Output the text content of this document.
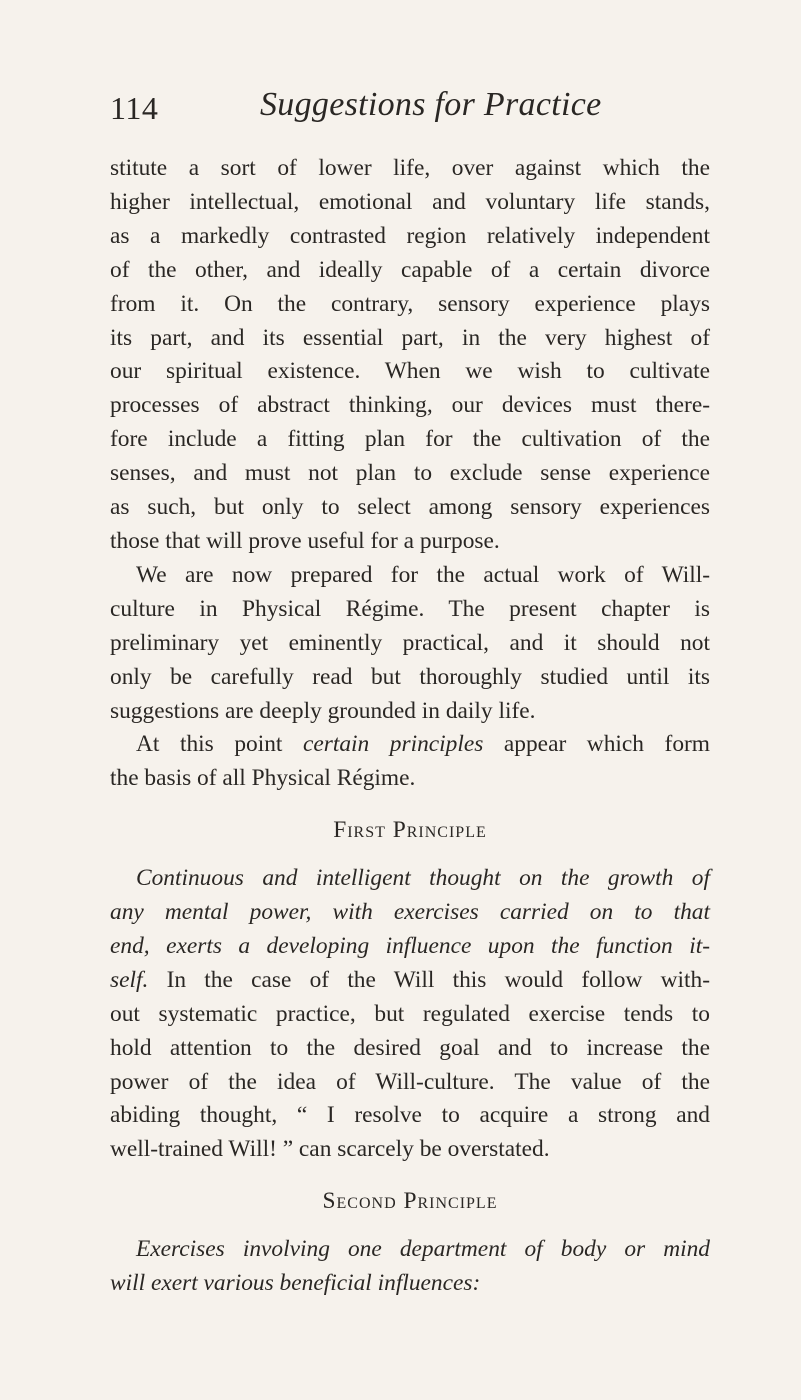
114	Suggestions for Practice
stitute a sort of lower life, over against which the
higher intellectual, emotional and voluntary life stands,
as a markedly contrasted region relatively independent
of the other, and ideally capable of a certain divorce
from it. On the contrary, sensory experience plays
its part, and its essential part, in the very highest of
our spiritual existence. When we wish to cultivate
processes of abstract thinking, our devices must there-
fore include a fitting plan for the cultivation of the
senses, and must not plan to exclude sense experience
as such, but only to select among sensory experiences
those that will prove useful for a purpose.
We are now prepared for the actual work of Will-
culture in Physical Régime. The present chapter is
preliminary yet eminently practical, and it should not
only be carefully read but thoroughly studied until its
suggestions are deeply grounded in daily life.
At this point certain principles appear which form
the basis of all Physical Régime.
First Principle
Continuous and intelligent thought on the growth of
any mental power, with exercises carried on to that
end, exerts a developing influence upon the function it-
self. In the case of the Will this would follow with-
out systematic practice, but regulated exercise tends to
hold attention to the desired goal and to increase the
power of the idea of Will-culture. The value of the
abiding thought, “ I resolve to acquire a strong and
well-trained Will! ” can scarcely be overstated.
Second Principle
Exercises involving one department of body or mind
will exert various beneficial influences:
